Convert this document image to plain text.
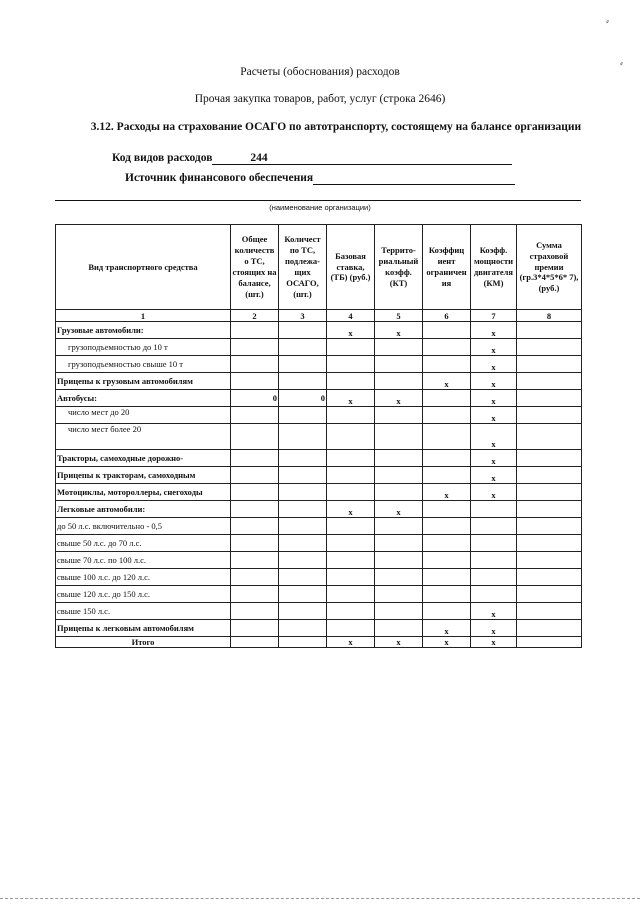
Расчеты (обоснования) расходов
Прочая закупка товаров, работ, услуг (строка 2646)
3.12. Расходы на страхование ОСАГО по автотранспорту, состоящему на балансе организации
Код видов расходов	244
Источник финансового обеспечения
(наименование организации)
Вид транспортного средства	Общее количеств о ТС, стоящих на балансе, (шт.)	Количест по ТС, подлежа- щих ОСАГО, (шт.)	Базовая ставка, (ТБ) (руб.)	Террито- риальный коэфф. (КТ)	Коэффиц иент ограничен ия	Коэфф. мощности двигателя (КМ)	Сумма страховой премии (гр.3*4*5*6* 7), (руб.)
1	2	3	4	5	6	7	8
Грузовые автомобили:			x	x		x	
грузоподъемностью до 10 т						x	
грузоподъемностью свыше 10 т						x	
Прицепы к грузовым автомобилям					x	x	
Автобусы:	0	0	x	x		x	
число мест до 20						x	
число мест более 20						x	
Тракторы, самоходные дорожно-						x	
Прицепы к тракторам, самоходным						x	
Мотоциклы, мотороллеры, снегоходы					x	x	
Легковые автомобили:			x	x			
до 50 л.с. включительно - 0,5							
свыше 50 л.с. до 70 л.с.							
свыше 70 л.с. по 100 л.с.							
свыше 100 л.с. до 120 л.с.							
свыше 120 л.с. до 150 л.с.							
свыше 150 л.с.						x	
Прицепы к легковым автомобилям					x	x	
Итого			x	x	x	x	
⸗
⸗
